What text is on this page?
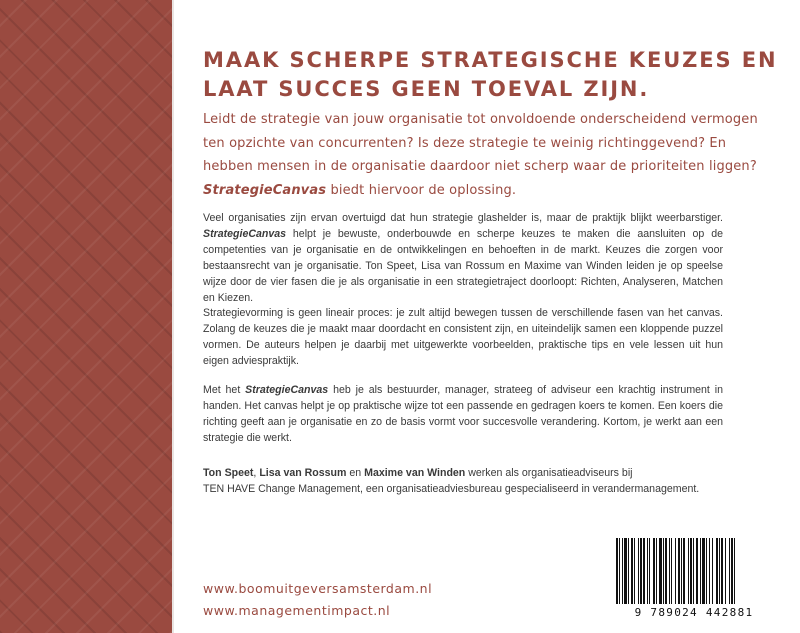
MAAK SCHERPE STRATEGISCHE KEUZES EN
LAAT SUCCES GEEN TOEVAL ZIJN.

Leidt de strategie van jouw organisatie tot onvoldoende onderscheidend vermogen ten opzichte van concurrenten? Is deze strategie te weinig richtinggevend? En hebben mensen in de organisatie daardoor niet scherp waar de prioriteiten liggen?
StrategieCanvas biedt hiervoor de oplossing.

Veel organisaties zijn ervan overtuigd dat hun strategie glashelder is, maar de praktijk blijkt weerbarstiger. StrategieCanvas helpt je bewuste, onderbouwde en scherpe keuzes te maken die aansluiten op de competenties van je organisatie en de ontwikkelingen en behoeften in de markt. Keuzes die zorgen voor bestaansrecht van je organisatie. Ton Speet, Lisa van Rossum en Maxime van Winden leiden je op speelse wijze door de vier fasen die je als organisatie in een strategietraject doorloopt: Richten, Analyseren, Matchen en Kiezen.

Strategievorming is geen lineair proces: je zult altijd bewegen tussen de verschillende fasen van het canvas. Zolang de keuzes die je maakt maar doordacht en consistent zijn, en uiteindelijk samen een kloppende puzzel vormen. De auteurs helpen je daarbij met uitgewerkte voorbeelden, praktische tips en vele lessen uit hun eigen adviespraktijk.

Met het StrategieCanvas heb je als bestuurder, manager, strateeg of adviseur een krachtig instrument in handen. Het canvas helpt je op praktische wijze tot een passende en gedragen koers te komen. Een koers die richting geeft aan je organisatie en zo de basis vormt voor succesvolle verandering. Kortom, je werkt aan een strategie die werkt.

Ton Speet, Lisa van Rossum en Maxime van Winden werken als organisatieadviseurs bij
TEN HAVE Change Management, een organisatieadviesbureau gespecialiseerd in verandermanagement.

www.boomuitgeversamsterdam.nl

www.managementimpact.nl	9 789024 442881
